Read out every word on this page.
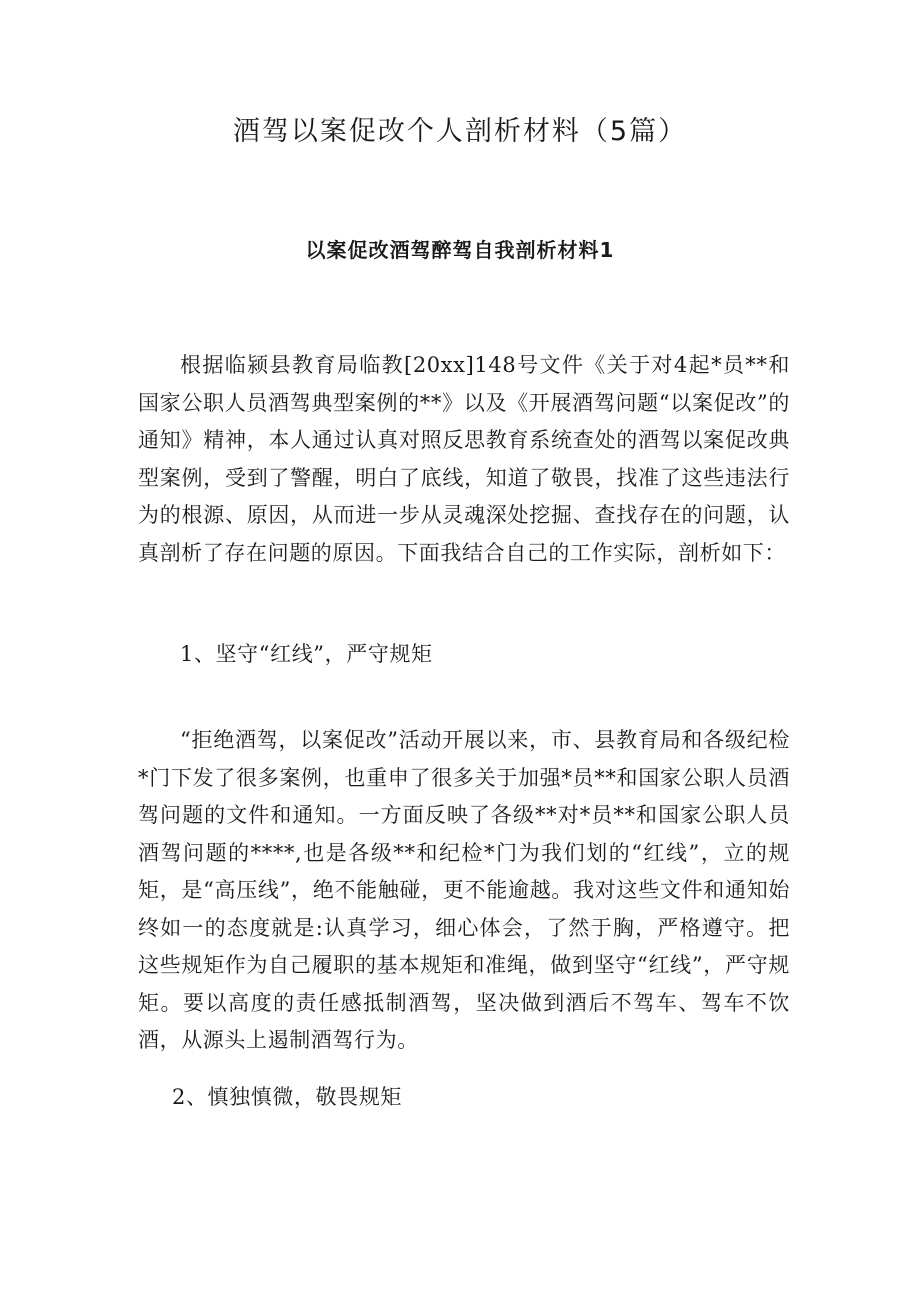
酒驾以案促改个人剖析材料（5篇）
以案促改酒驾醉驾自我剖析材料1

根据临颍县教育局临教[20xx]148号文件《关于对4起*员**和国家公职人员酒驾典型案例的**》以及《开展酒驾问题“以案促改”的通知》精神，本人通过认真对照反思教育系统查处的酒驾以案促改典型案例，受到了警醒，明白了底线，知道了敬畏，找准了这些违法行为的根源、原因，从而进一步从灵魂深处挖掘、查找存在的问题，认真剖析了存在问题的原因。下面我结合自己的工作实际，剖析如下：

1、坚守“红线”，严守规矩

“拒绝酒驾，以案促改”活动开展以来，市、县教育局和各级纪检*门下发了很多案例，也重申了很多关于加强*员**和国家公职人员酒驾问题的文件和通知。一方面反映了各级**对*员**和国家公职人员酒驾问题的****,也是各级**和纪检*门为我们划的“红线”，立的规矩，是“高压线”，绝不能触碰，更不能逾越。我对这些文件和通知始终如一的态度就是:认真学习，细心体会，了然于胸，严格遵守。把这些规矩作为自己履职的基本规矩和准绳，做到坚守“红线”，严守规矩。要以高度的责任感抵制酒驾，坚决做到酒后不驾车、驾车不饮酒，从源头上遏制酒驾行为。

2、慎独慎微，敬畏规矩
